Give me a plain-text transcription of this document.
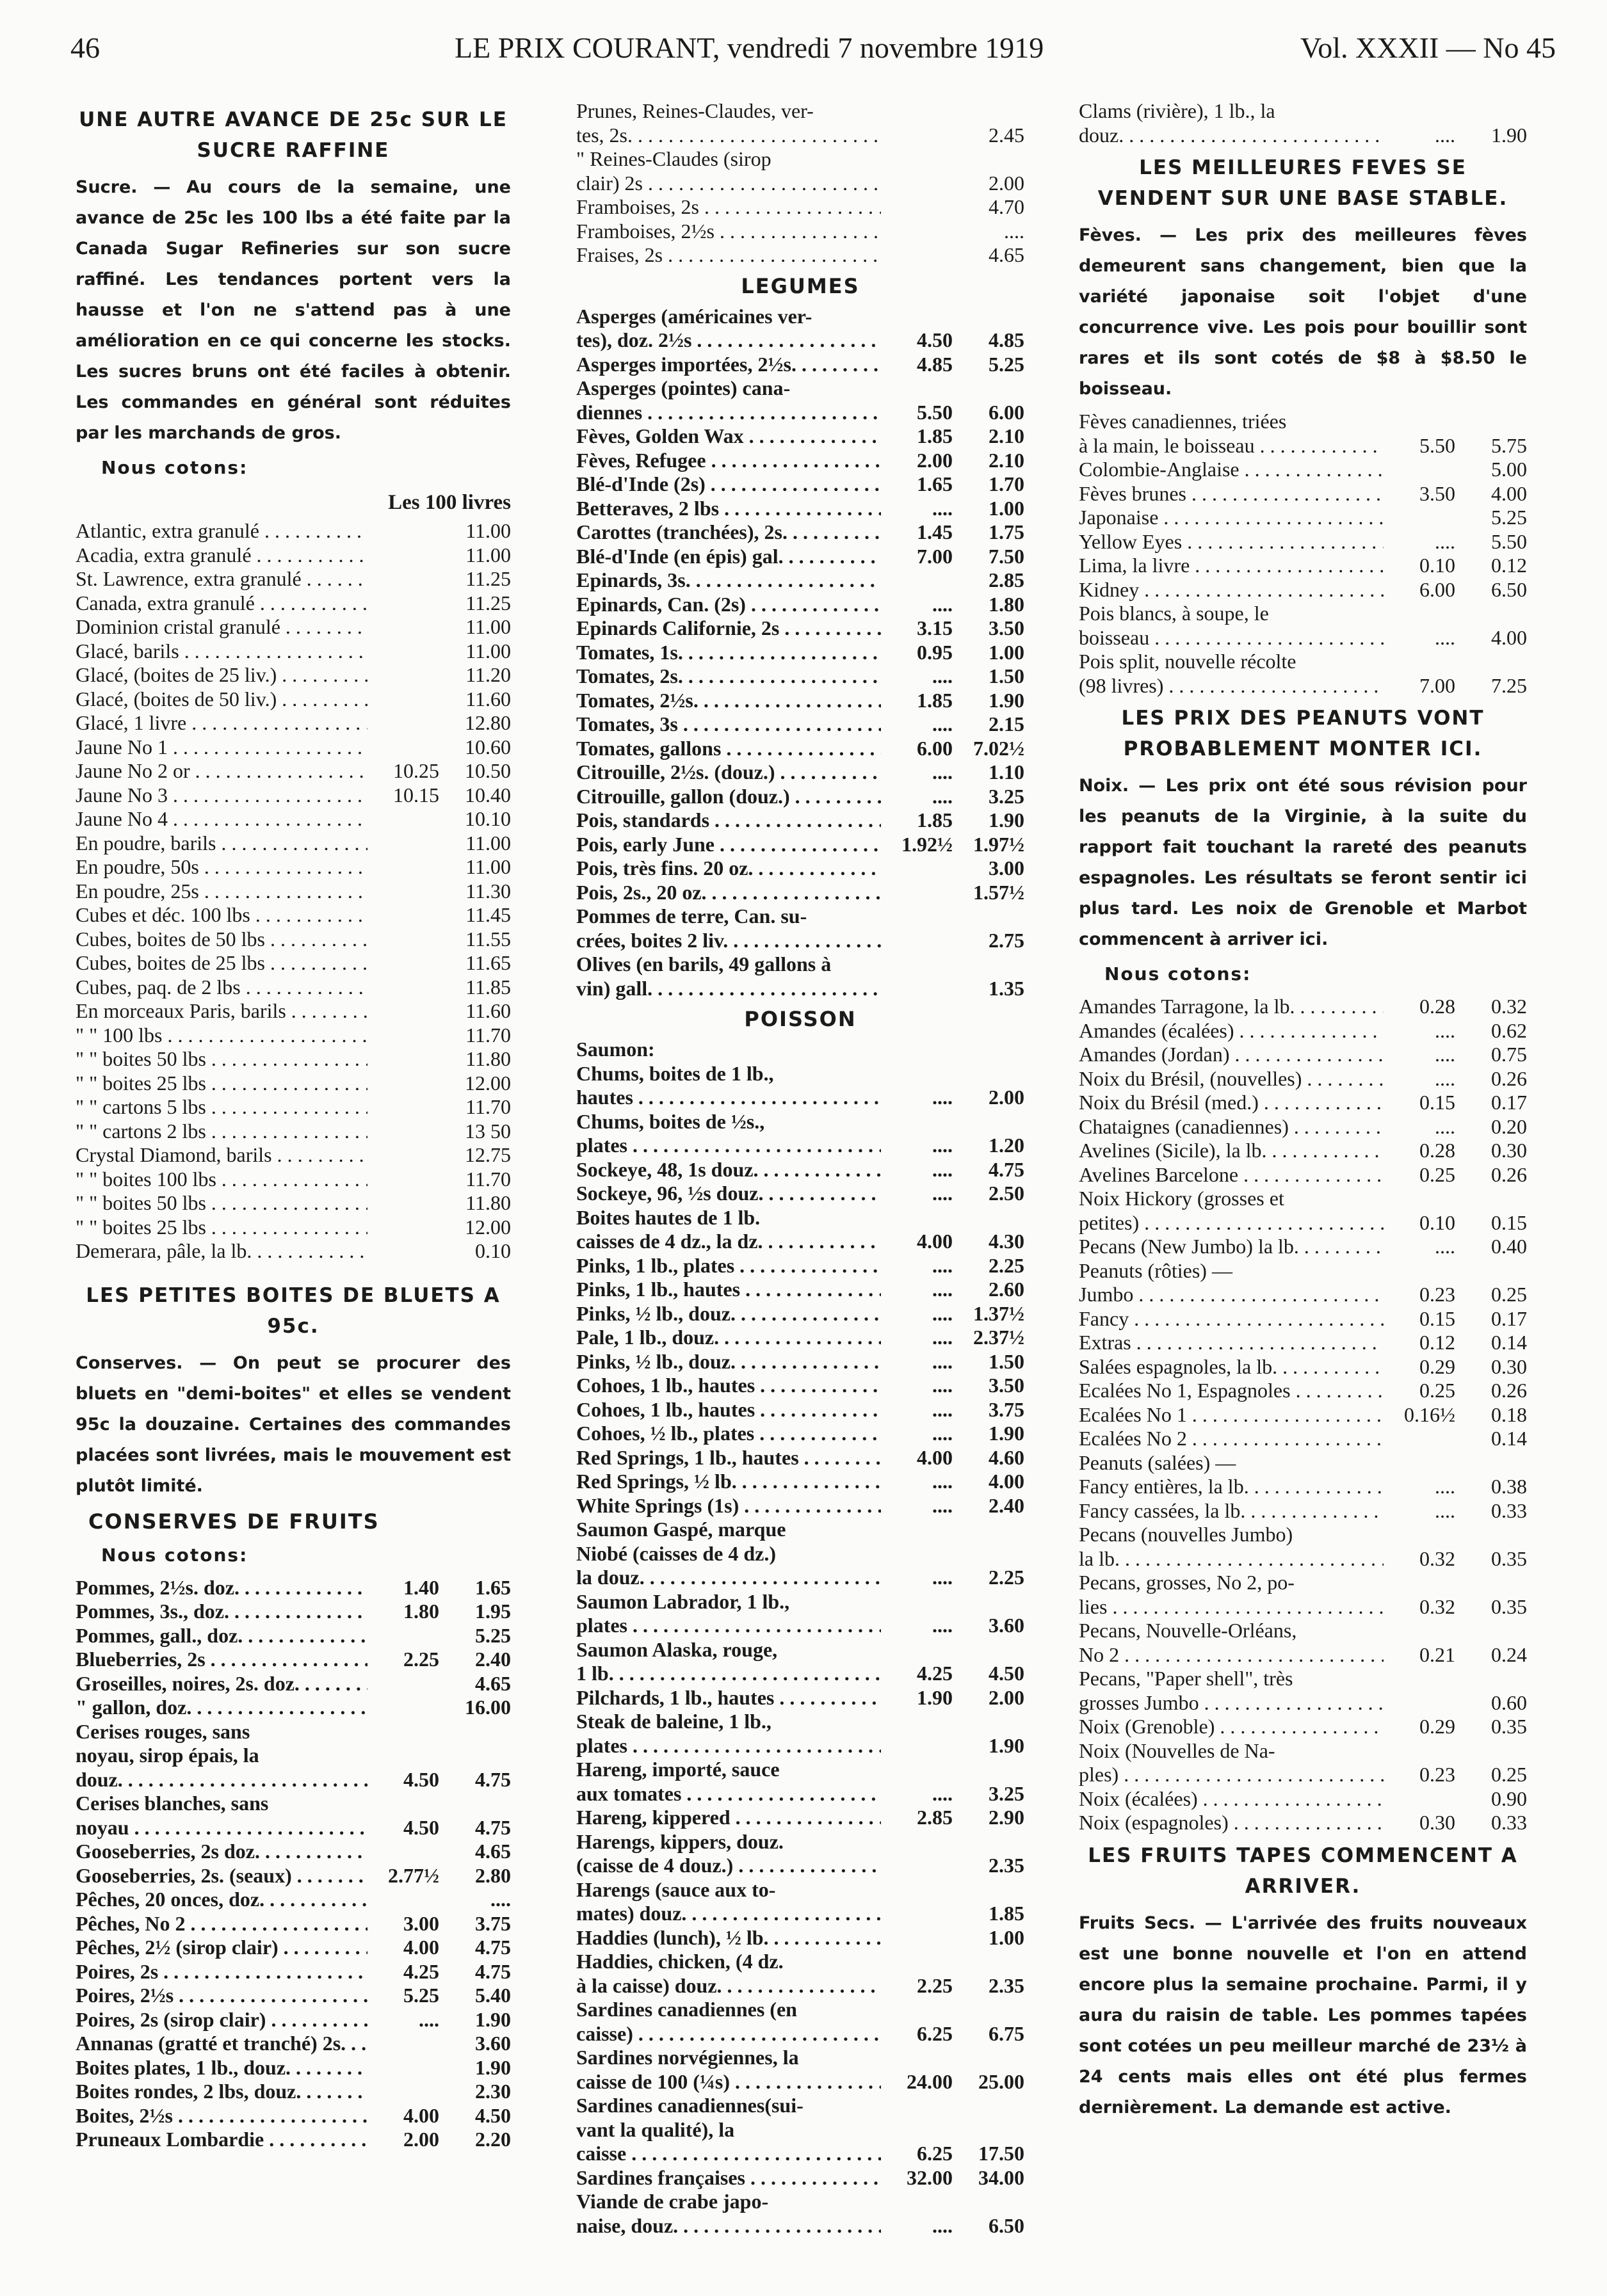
46	LE PRIX COURANT, vendredi 7 novembre 1919	Vol. XXXII — No 45
UNE AUTRE AVANCE DE 25c SUR LE SUCRE RAFFINE
Sucre. — Au cours de la semaine, une avance de 25c les 100 lbs a été faite par la Canada Sugar Refineries sur son sucre raffiné. Les tendances portent vers la hausse et l'on ne s'attend pas à une amélioration en ce qui concerne les stocks. Les sucres bruns ont été faciles à obtenir. Les commandes en général sont réduites par les marchands de gros.
Nous cotons:
Les 100 livres
Atlantic, extra granulé . . .	11.00
Acadia, extra granulé . . .	11.00
St. Lawrence, extra granulé . . .	11.25
Canada, extra granulé . . .	11.25
Dominion cristal granulé . . .	11.00
Glacé, barils . . .	11.00
Glacé, (boites de 25 liv.) . . .	11.20
Glacé, (boites de 50 liv.) . . .	11.60
Glacé, 1 livre . . .	12.80
Jaune No 1 . . .	10.60
Jaune No 2 or . . .	10.25	10.50
Jaune No 3 . . .	10.15	10.40
Jaune No 4 . . .	10.10
En poudre, barils . . .	11.00
En poudre, 50s . . .	11.00
En poudre, 25s . . .	11.30
Cubes et déc. 100 lbs . . .	11.45
Cubes, boites de 50 lbs . . .	11.55
Cubes, boites de 25 lbs . . .	11.65
Cubes, paq. de 2 lbs . . .	11.85
En morceaux Paris, barils . . .	11.60
" " 100 lbs . . .	11.70
" " boites 50 lbs . . .	11.80
" " boites 25 lbs . . .	12.00
" " cartons 5 lbs . . .	11.70
" " cartons 2 lbs . . .	13 50
Crystal Diamond, barils . . .	12.75
" " boites 100 lbs . . .	11.70
" " boites 50 lbs . . .	11.80
" " boites 25 lbs . . .	12.00
Demerara, pâle, la lb. . . .	0.10
LES PETITES BOITES DE BLUETS A 95c.
Conserves. — On peut se procurer des bluets en "demi-boites" et elles se vendent 95c la douzaine. Certaines des commandes placées sont livrées, mais le mouvement est plutôt limité.
CONSERVES DE FRUITS
Nous cotons:
Pommes, 2½s. doz. . . .	1.40	1.65
Pommes, 3s., doz. . . .	1.80	1.95
Pommes, gall., doz. . . .	5.25
Blueberries, 2s . . .	2.25	2.40
Groseilles, noires, 2s. doz. . . .	4.65
" gallon, doz. . . .	16.00
Cerises rouges, sans
noyau, sirop épais, la
douz. . . .	4.50	4.75
Cerises blanches, sans
noyau . . .	4.50	4.75
Gooseberries, 2s doz. . . .	4.65
Gooseberries, 2s. (seaux) . . .	2.77½	2.80
Pêches, 20 onces, doz. . . .	....
Pêches, No 2 . . .	3.00	3.75
Pêches, 2½ (sirop clair) . . .	4.00	4.75
Poires, 2s . . .	4.25	4.75
Poires, 2½s . . .	5.25	5.40
Poires, 2s (sirop clair) . . .	....	1.90
Annanas (gratté et tranché) 2s. . . .	3.60
Boites plates, 1 lb., douz. . . .	1.90
Boites rondes, 2 lbs, douz. . . .	2.30
Boites, 2½s . . .	4.00	4.50
Pruneaux Lombardie . . .	2.00	2.20
Prunes, Reines-Claudes, ver-
tes, 2s. . . .	2.45
" Reines-Claudes (sirop
clair) 2s . . .	2.00
Framboises, 2s . . .	4.70
Framboises, 2½s . . .	....
Fraises, 2s . . .	4.65
LEGUMES
Asperges (américaines ver-
tes), doz. 2½s . . .	4.50	4.85
Asperges importées, 2½s. . . .	4.85	5.25
Asperges (pointes) cana-
diennes . . .	5.50	6.00
Fèves, Golden Wax . . .	1.85	2.10
Fèves, Refugee . . .	2.00	2.10
Blé-d'Inde (2s) . . .	1.65	1.70
Betteraves, 2 lbs . . .	....	1.00
Carottes (tranchées), 2s. . . .	1.45	1.75
Blé-d'Inde (en épis) gal. . . .	7.00	7.50
Epinards, 3s. . . .	2.85
Epinards, Can. (2s) . . .	....	1.80
Epinards Californie, 2s . . .	3.15	3.50
Tomates, 1s. . . .	0.95	1.00
Tomates, 2s. . . .	....	1.50
Tomates, 2½s. . . .	1.85	1.90
Tomates, 3s . . .	....	2.15
Tomates, gallons . . .	6.00	7.02½
Citrouille, 2½s. (douz.) . . .	....	1.10
Citrouille, gallon (douz.) . . .	....	3.25
Pois, standards . . .	1.85	1.90
Pois, early June . . .	1.92½	1.97½
Pois, très fins. 20 oz. . . .	3.00
Pois, 2s., 20 oz. . . .	1.57½
Pommes de terre, Can. su-
crées, boites 2 liv. . . .	2.75
Olives (en barils, 49 gallons à
vin) gall. . . .	1.35
POISSON
Saumon:
Chums, boites de 1 lb.,
hautes . . .	....	2.00
Chums, boites de ½s.,
plates . . .	....	1.20
Sockeye, 48, 1s douz. . . .	....	4.75
Sockeye, 96, ½s douz. . . .	....	2.50
Boites hautes de 1 lb.
caisses de 4 dz., la dz. . . .	4.00	4.30
Pinks, 1 lb., plates . . .	....	2.25
Pinks, 1 lb., hautes . . .	....	2.60
Pinks, ½ lb., douz. . . .	....	1.37½
Pale, 1 lb., douz. . . .	....	2.37½
Pinks, ½ lb., douz. . . .	....	1.50
Cohoes, 1 lb., hautes . . .	....	3.50
Cohoes, 1 lb., hautes . . .	....	3.75
Cohoes, ½ lb., plates . . .	....	1.90
Red Springs, 1 lb., hautes . . .	4.00	4.60
Red Springs, ½ lb. . . .	....	4.00
White Springs (1s) . . .	....	2.40
Saumon Gaspé, marque
Niobé (caisses de 4 dz.)
la douz. . . .	....	2.25
Saumon Labrador, 1 lb.,
plates . . .	....	3.60
Saumon Alaska, rouge,
1 lb. . . .	4.25	4.50
Pilchards, 1 lb., hautes . . .	1.90	2.00
Steak de baleine, 1 lb.,
plates . . .	1.90
Hareng, importé, sauce
aux tomates . . .	....	3.25
Hareng, kippered . . .	2.85	2.90
Harengs, kippers, douz.
(caisse de 4 douz.) . . .	2.35
Harengs (sauce aux to-
mates) douz. . . .	1.85
Haddies (lunch), ½ lb. . . .	1.00
Haddies, chicken, (4 dz.
à la caisse) douz. . . .	2.25	2.35
Sardines canadiennes (en
caisse) . . .	6.25	6.75
Sardines norvégiennes, la
caisse de 100 (¼s) . . .	24.00	25.00
Sardines canadiennes(sui-
vant la qualité), la
caisse . . .	6.25	17.50
Sardines françaises . . .	32.00	34.00
Viande de crabe japo-
naise, douz. . . .	....	6.50
Clams (rivière), 1 lb., la
douz. . . .	....	1.90
LES MEILLEURES FEVES SE VENDENT SUR UNE BASE STABLE.
Fèves. — Les prix des meilleures fèves demeurent sans changement, bien que la variété japonaise soit l'objet d'une concurrence vive. Les pois pour bouillir sont rares et ils sont cotés de $8 à $8.50 le boisseau.
Fèves canadiennes, triées
à la main, le boisseau . . .	5.50	5.75
Colombie-Anglaise . . .	5.00
Fèves brunes . . .	3.50	4.00
Japonaise . . .	5.25
Yellow Eyes . . .	....	5.50
Lima, la livre . . .	0.10	0.12
Kidney . . .	6.00	6.50
Pois blancs, à soupe, le
boisseau . . .	....	4.00
Pois split, nouvelle récolte
(98 livres) . . .	7.00	7.25
LES PRIX DES PEANUTS VONT PROBABLEMENT MONTER ICI.
Noix. — Les prix ont été sous révision pour les peanuts de la Virginie, à la suite du rapport fait touchant la rareté des peanuts espagnoles. Les résultats se feront sentir ici plus tard. Les noix de Grenoble et Marbot commencent à arriver ici.
Nous cotons:
Amandes Tarragone, la lb. . . .	0.28	0.32
Amandes (écalées) . . .	....	0.62
Amandes (Jordan) . . .	....	0.75
Noix du Brésil, (nouvelles) . . .	....	0.26
Noix du Brésil (med.) . . .	0.15	0.17
Chataignes (canadiennes) . . .	....	0.20
Avelines (Sicile), la lb. . . .	0.28	0.30
Avelines Barcelone . . .	0.25	0.26
Noix Hickory (grosses et
petites) . . .	0.10	0.15
Pecans (New Jumbo) la lb. . . .	....	0.40
Peanuts (rôties) —
Jumbo . . .	0.23	0.25
Fancy . . .	0.15	0.17
Extras . . .	0.12	0.14
Salées espagnoles, la lb. . . .	0.29	0.30
Ecalées No 1, Espagnoles . . .	0.25	0.26
Ecalées No 1 . . .	0.16½	0.18
Ecalées No 2 . . .	0.14
Peanuts (salées) —
Fancy entières, la lb. . . .	....	0.38
Fancy cassées, la lb. . . .	....	0.33
Pecans (nouvelles Jumbo)
la lb. . . .	0.32	0.35
Pecans, grosses, No 2, po-
lies . . .	0.32	0.35
Pecans, Nouvelle-Orléans,
No 2 . . .	0.21	0.24
Pecans, "Paper shell", très
grosses Jumbo . . .	0.60
Noix (Grenoble) . . .	0.29	0.35
Noix (Nouvelles de Na-
ples) . . .	0.23	0.25
Noix (écalées) . . .	0.90
Noix (espagnoles) . . .	0.30	0.33
LES FRUITS TAPES COMMENCENT A ARRIVER.
Fruits Secs. — L'arrivée des fruits nouveaux est une bonne nouvelle et l'on en attend encore plus la semaine prochaine. Parmi, il y aura du raisin de table. Les pommes tapées sont cotées un peu meilleur marché de 23½ à 24 cents mais elles ont été plus fermes dernièrement. La demande est active.
